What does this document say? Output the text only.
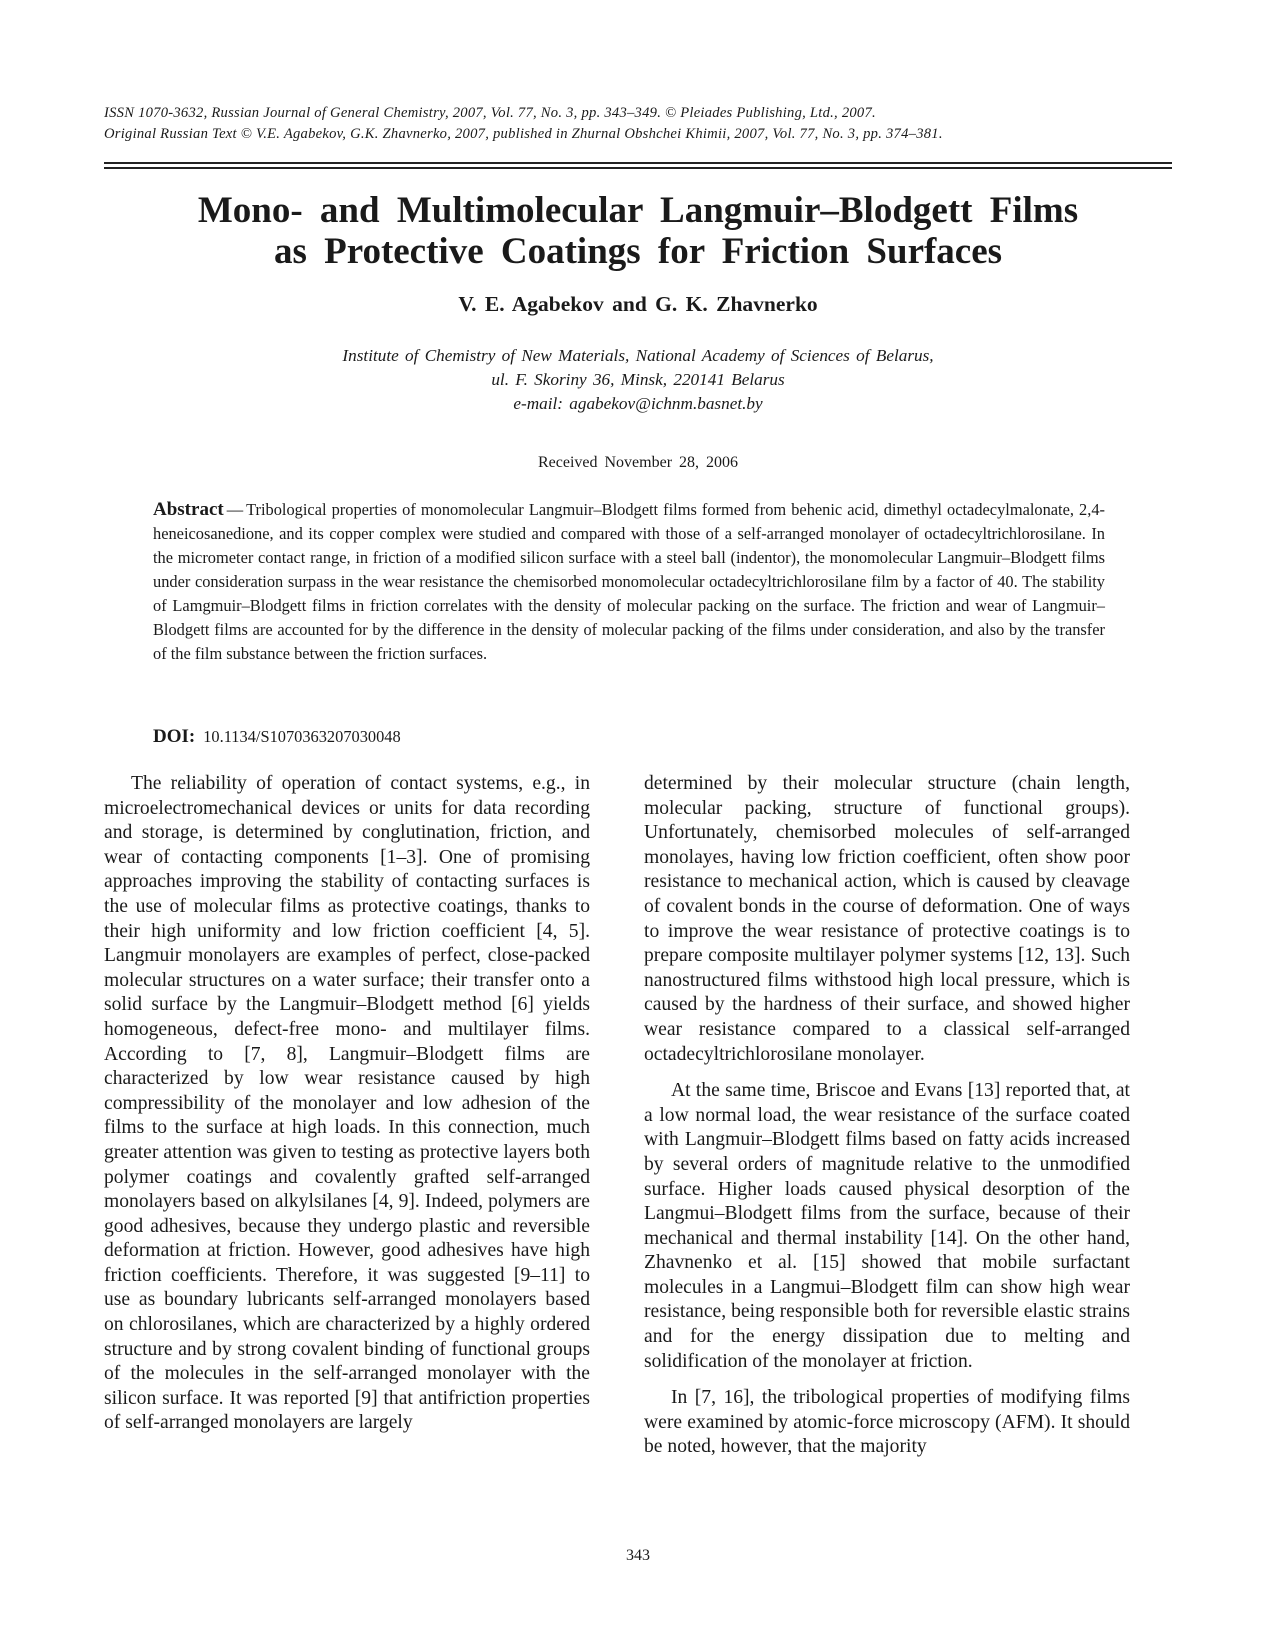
ISSN 1070-3632, Russian Journal of General Chemistry, 2007, Vol. 77, No. 3, pp. 343–349. © Pleiades Publishing, Ltd., 2007.
Original Russian Text © V.E. Agabekov, G.K. Zhavnerko, 2007, published in Zhurnal Obshchei Khimii, 2007, Vol. 77, No. 3, pp. 374–381.
Mono- and Multimolecular Langmuir–Blodgett Films
as Protective Coatings for Friction Surfaces
V. E. Agabekov and G. K. Zhavnerko
Institute of Chemistry of New Materials, National Academy of Sciences of Belarus,
ul. F. Skoriny 36, Minsk, 220141 Belarus
e-mail: agabekov@ichnm.basnet.by
Received November 28, 2006

Abstract — Tribological properties of monomolecular Langmuir–Blodgett films formed from behenic acid, dimethyl octadecylmalonate, 2,4-heneicosanedione, and its copper complex were studied and compared with those of a self-arranged monolayer of octadecyltrichlorosilane. In the micrometer contact range, in friction of a modified silicon surface with a steel ball (indentor), the monomolecular Langmuir–Blodgett films under consideration surpass in the wear resistance the chemisorbed monomolecular octadecyltrichlorosilane film by a factor of 40. The stability of Lamgmuir–Blodgett films in friction correlates with the density of molecular packing on the surface. The friction and wear of Langmuir–Blodgett films are accounted for by the difference in the density of molecular packing of the films under consideration, and also by the transfer of the film substance between the friction surfaces.

DOI: 10.1134/S1070363207030048

The reliability of operation of contact systems, e.g., in microelectromechanical devices or units for data recording and storage, is determined by conglutination, friction, and wear of contacting components [1–3]. One of promising approaches improving the stability of contacting surfaces is the use of molecular films as protective coatings, thanks to their high uniformity and low friction coefficient [4, 5]. Langmuir monolayers are examples of perfect, close-packed molecular structures on a water surface; their transfer onto a solid surface by the Langmuir–Blodgett method [6] yields homogeneous, defect-free mono- and multilayer films. According to [7, 8], Langmuir–Blodgett films are characterized by low wear resistance caused by high compressibility of the monolayer and low adhesion of the films to the surface at high loads. In this connection, much greater attention was given to testing as protective layers both polymer coatings and covalently grafted self-arranged monolayers based on alkylsilanes [4, 9]. Indeed, polymers are good adhesives, because they undergo plastic and reversible deformation at friction. However, good adhesives have high friction coefficients. Therefore, it was suggested [9–11] to use as boundary lubricants self-arranged monolayers based on chlorosilanes, which are characterized by a highly ordered structure and by strong covalent binding of functional groups of the molecules in the self-arranged monolayer with the silicon surface. It was reported [9] that antifriction properties of self-arranged monolayers are largely

determined by their molecular structure (chain length, molecular packing, structure of functional groups). Unfortunately, chemisorbed molecules of self-arranged monolayes, having low friction coefficient, often show poor resistance to mechanical action, which is caused by cleavage of covalent bonds in the course of deformation. One of ways to improve the wear resistance of protective coatings is to prepare composite multilayer polymer systems [12, 13]. Such nanostructured films withstood high local pressure, which is caused by the hardness of their surface, and showed higher wear resistance compared to a classical self-arranged octadecyltrichlorosilane monolayer.

At the same time, Briscoe and Evans [13] reported that, at a low normal load, the wear resistance of the surface coated with Langmuir–Blodgett films based on fatty acids increased by several orders of magnitude relative to the unmodified surface. Higher loads caused physical desorption of the Langmui–Blodgett films from the surface, because of their mechanical and thermal instability [14]. On the other hand, Zhavnenko et al. [15] showed that mobile surfactant molecules in a Langmui–Blodgett film can show high wear resistance, being responsible both for reversible elastic strains and for the energy dissipation due to melting and solidification of the monolayer at friction.

In [7, 16], the tribological properties of modifying films were examined by atomic-force microscopy (AFM). It should be noted, however, that the majority

343
